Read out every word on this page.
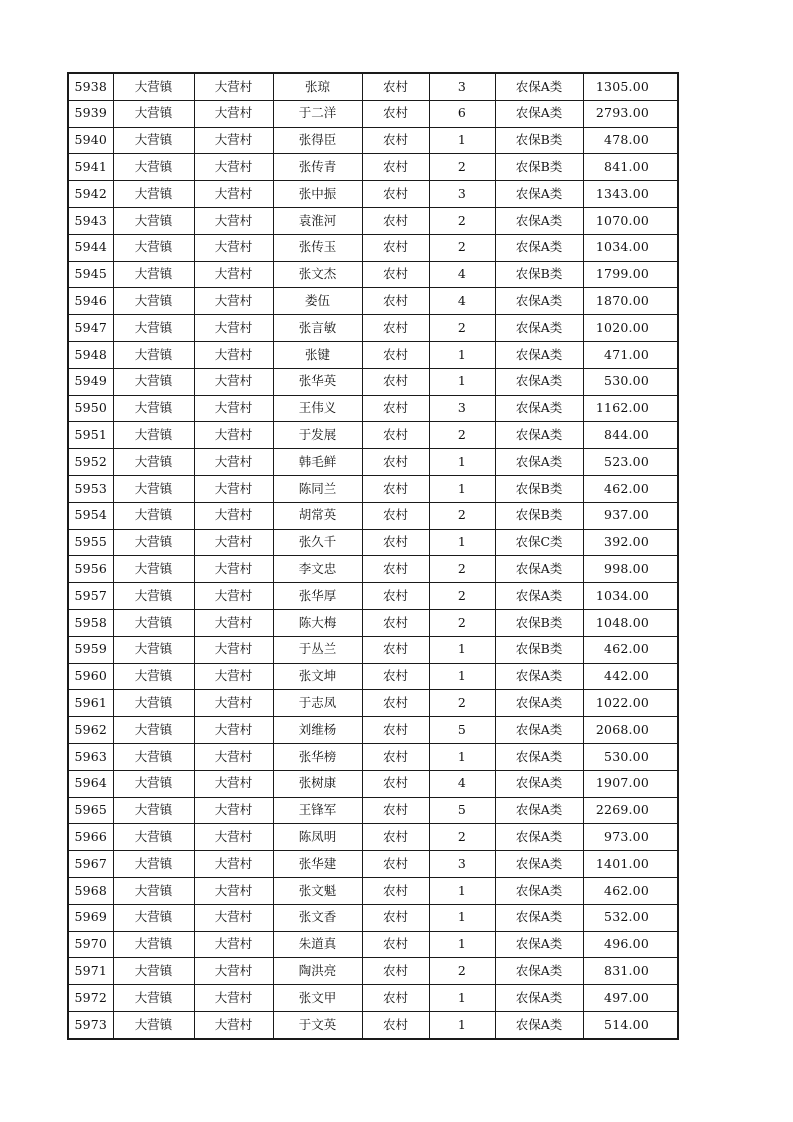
5938	大营镇	大营村	张琼	农村	3	农保A类	1305.00
5939	大营镇	大营村	于二洋	农村	6	农保A类	2793.00
5940	大营镇	大营村	张得臣	农村	1	农保B类	478.00
5941	大营镇	大营村	张传青	农村	2	农保B类	841.00
5942	大营镇	大营村	张中振	农村	3	农保A类	1343.00
5943	大营镇	大营村	袁淮河	农村	2	农保A类	1070.00
5944	大营镇	大营村	张传玉	农村	2	农保A类	1034.00
5945	大营镇	大营村	张文杰	农村	4	农保B类	1799.00
5946	大营镇	大营村	娄伍	农村	4	农保A类	1870.00
5947	大营镇	大营村	张言敏	农村	2	农保A类	1020.00
5948	大营镇	大营村	张键	农村	1	农保A类	471.00
5949	大营镇	大营村	张华英	农村	1	农保A类	530.00
5950	大营镇	大营村	王伟义	农村	3	农保A类	1162.00
5951	大营镇	大营村	于发展	农村	2	农保A类	844.00
5952	大营镇	大营村	韩毛鲜	农村	1	农保A类	523.00
5953	大营镇	大营村	陈同兰	农村	1	农保B类	462.00
5954	大营镇	大营村	胡常英	农村	2	农保B类	937.00
5955	大营镇	大营村	张久千	农村	1	农保C类	392.00
5956	大营镇	大营村	李文忠	农村	2	农保A类	998.00
5957	大营镇	大营村	张华厚	农村	2	农保A类	1034.00
5958	大营镇	大营村	陈大梅	农村	2	农保B类	1048.00
5959	大营镇	大营村	于丛兰	农村	1	农保B类	462.00
5960	大营镇	大营村	张文坤	农村	1	农保A类	442.00
5961	大营镇	大营村	于志凤	农村	2	农保A类	1022.00
5962	大营镇	大营村	刘维杨	农村	5	农保A类	2068.00
5963	大营镇	大营村	张华榜	农村	1	农保A类	530.00
5964	大营镇	大营村	张树康	农村	4	农保A类	1907.00
5965	大营镇	大营村	王锋军	农村	5	农保A类	2269.00
5966	大营镇	大营村	陈凤明	农村	2	农保A类	973.00
5967	大营镇	大营村	张华建	农村	3	农保A类	1401.00
5968	大营镇	大营村	张文魁	农村	1	农保A类	462.00
5969	大营镇	大营村	张文香	农村	1	农保A类	532.00
5970	大营镇	大营村	朱道真	农村	1	农保A类	496.00
5971	大营镇	大营村	陶洪亮	农村	2	农保A类	831.00
5972	大营镇	大营村	张文甲	农村	1	农保A类	497.00
5973	大营镇	大营村	于文英	农村	1	农保A类	514.00
